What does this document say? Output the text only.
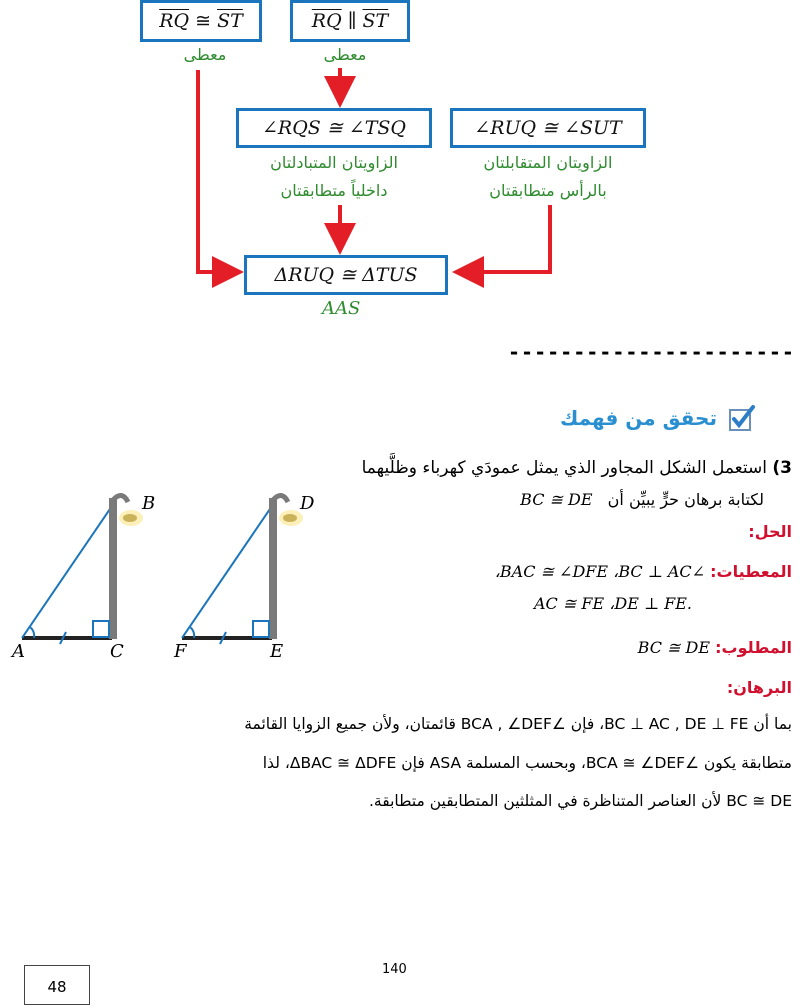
$\overline{RQ}$
≅
$\overline{ST}$	$\overline{RQ}$
∥
$\overline{ST}$
معطى	معطى
∠RQS ≅ ∠TSQ	∠RUQ ≅ ∠SUT
الزاويتان المتبادلتان
داخلياً متطابقتان
الزاويتان المتقابلتان
بالرأس متطابقتان
ΔRUQ ≅ ΔTUS
AAS
----------------------
تحقق من فهمك
3) استعمل الشكل المجاور الذي يمثل عمودَي كهرباء وظلَّيهما
لكتابة برهان حرٍّ يبيِّن أن BC ≅ DE
الحل:
المعطيات: ∠BAC ≅ ∠DFE ،BC ⊥ AC،
.AC ≅ FE ،DE ⊥ FE
المطلوب: BC ≅ DE
البرهان:
بما أن BC ⊥ AC , DE ⊥ FE، فإن ∠BCA , ∠DEF قائمتان، ولأن جميع الزوايا القائمة
متطابقة يكون ∠BCA ≅ ∠DEF، وبحسب المسلمة ASA فإن ΔBAC ≅ ΔDFE، لذا
BC ≅ DE لأن العناصر المتناظرة في المثلثين المتطابقين متطابقة.
B
A	C
D
F	E
140
48
